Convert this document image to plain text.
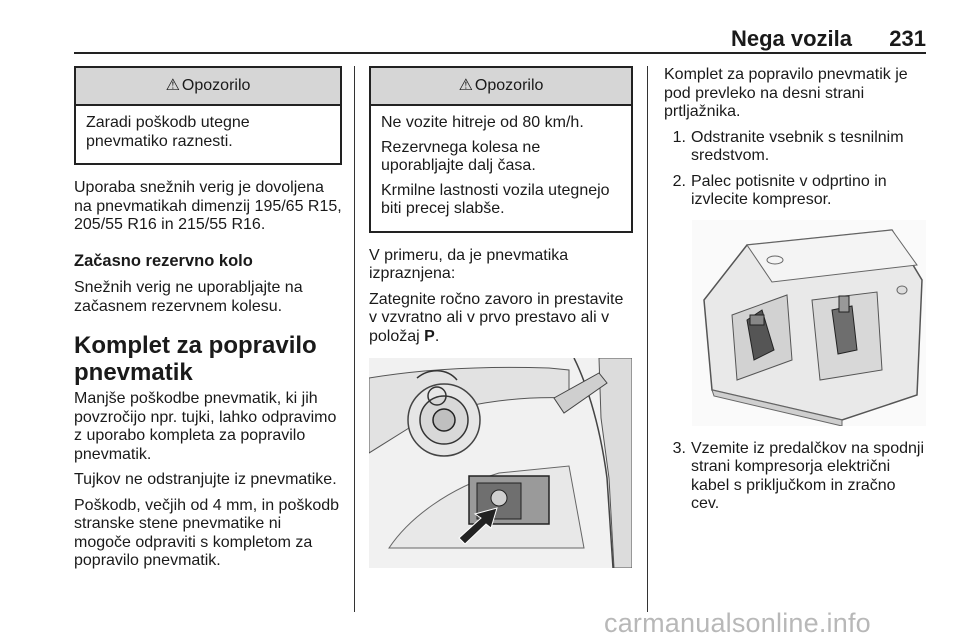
Nega vozila 231
⚠ Opozorilo

Zaradi poškodb utegne pnevmatiko raznesti.

Uporaba snežnih verig je dovoljena na pnevmatikah dimenzij 195/65 R15, 205/55 R16 in 215/55 R16.

Začasno rezervno kolo

Snežnih verig ne uporabljajte na začasnem rezervnem kolesu.

Komplet za popravilo pnevmatik

Manjše poškodbe pnevmatik, ki jih povzročijo npr. tujki, lahko odpravimo z uporabo kompleta za popravilo pnevmatik.

Tujkov ne odstranjujte iz pnevmatike.

Poškodb, večjih od 4 mm, in poškodb stranske stene pnevmatike ni mogoče odpraviti s kompletom za popravilo pnevmatik.

⚠ Opozorilo

Ne vozite hitreje od 80 km/h.

Rezervnega kolesa ne uporabljajte dalj časa.

Krmilne lastnosti vozila utegnejo biti precej slabše.

V primeru, da je pnevmatika izpraznjena:

Zategnite ročno zavoro in prestavite v vzvratno ali v prvo prestavo ali v položaj P.

Komplet za popravilo pnevmatik je pod prevleko na desni strani prtljažnika.

1. Odstranite vsebnik s tesnilnim sredstvom.
2. Palec potisnite v odprtino in izvlecite kompresor.
3. Vzemite iz predalčkov na spodnji strani kompresorja električni kabel s priključkom in zračno cev.
carmanualsonline.info
